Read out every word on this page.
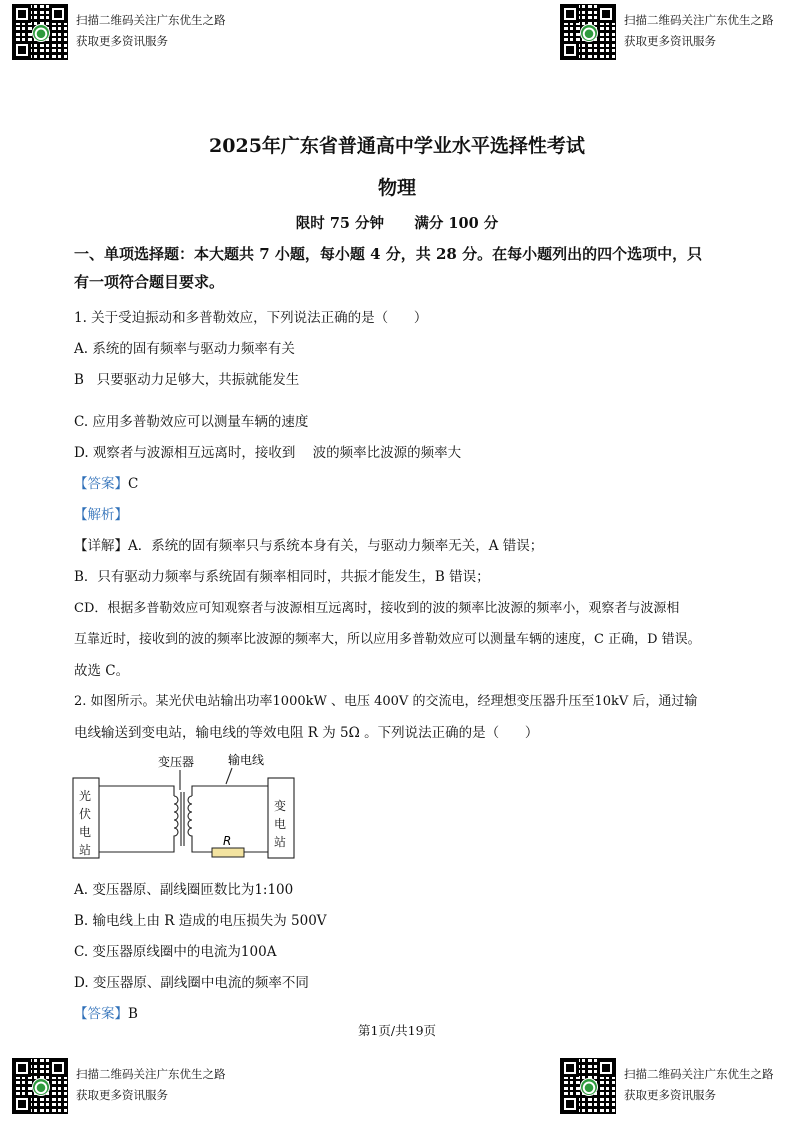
扫描二维码关注广东优生之路
获取更多资讯服务
扫描二维码关注广东优生之路
获取更多资讯服务
2025年广东省普通高中学业水平选择性考试
物理
限时 75 分钟      满分 100 分
一、单项选择题：本大题共 7 小题，每小题 4 分，共 28 分。在每小题列出的四个选项中，只
有一项符合题目要求。
1. 关于受迫振动和多普勒效应，下列说法正确的是（      ）
A. 系统的固有频率与驱动力频率有关
B   只要驱动力足够大，共振就能发生
C. 应用多普勒效应可以测量车辆的速度
D. 观察者与波源相互远离时，接收到    波的频率比波源的频率大
【答案】C
【解析】
【详解】A．系统的固有频率只与系统本身有关，与驱动力频率无关，A 错误；
B．只有驱动力频率与系统固有频率相同时，共振才能发生，B 错误；
CD．根据多普勒效应可知观察者与波源相互远离时，接收到的波的频率比波源的频率小，观察者与波源相
互靠近时，接收到的波的频率比波源的频率大，所以应用多普勒效应可以测量车辆的速度，C 正确，D 错误。
故选 C。
2. 如图所示。某光伏电站输出功率1000kW 、电压 400V 的交流电，经理想变压器升压至10kV 后，通过输
电线输送到变电站，输电线的等效电阻 R 为 5Ω 。下列说法正确的是（      ）
变压器	输电线
R
光
伏
电
站
变
电
站
A. 变压器原、副线圈匝数比为1:100
B. 输电线上由 R 造成的电压损失为 500V
C. 变压器原线圈中的电流为100A
D. 变压器原、副线圈中电流的频率不同
【答案】B
第1页/共19页
扫描二维码关注广东优生之路
获取更多资讯服务
扫描二维码关注广东优生之路
获取更多资讯服务
